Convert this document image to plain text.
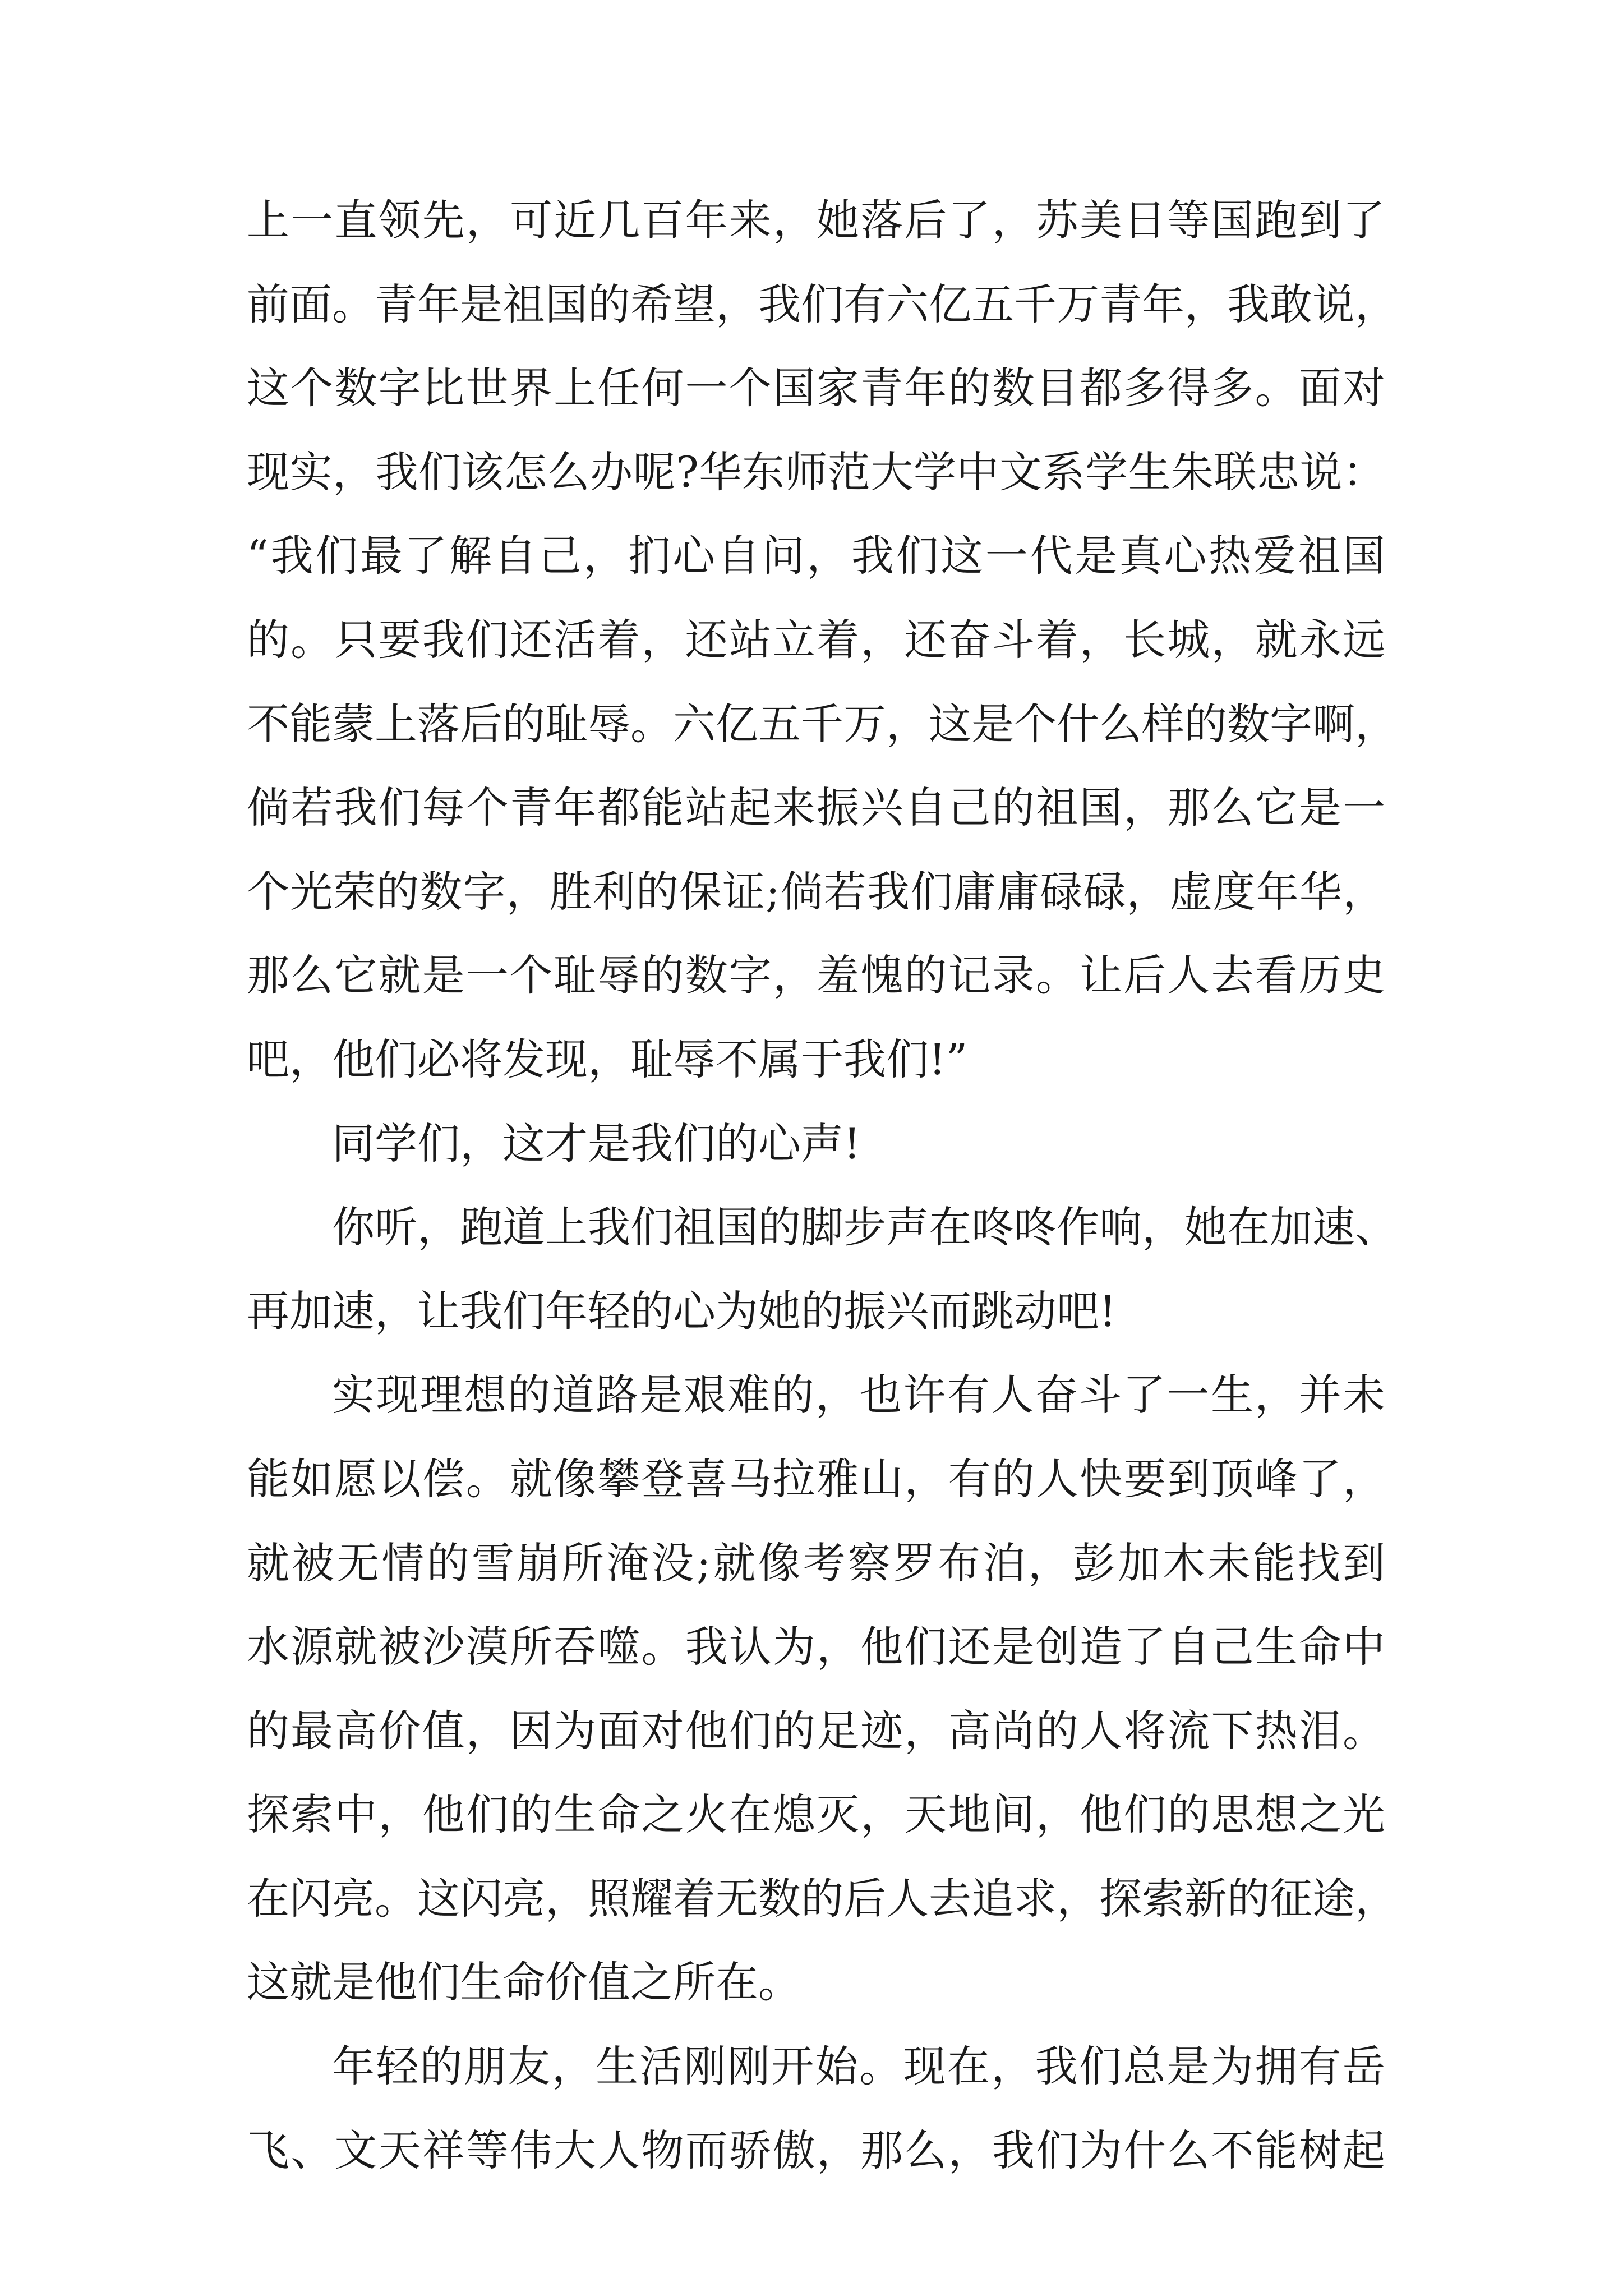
上一直领先，可近几百年来，她落后了，苏美日等国跑到了
前面。青年是祖国的希望，我们有六亿五千万青年，我敢说，
这个数字比世界上任何一个国家青年的数目都多得多。面对
现实，我们该怎么办呢?华东师范大学中文系学生朱联忠说：
“我们最了解自己，扪心自问，我们这一代是真心热爱祖国
的。只要我们还活着，还站立着，还奋斗着，长城，就永远
不能蒙上落后的耻辱。六亿五千万，这是个什么样的数字啊，
倘若我们每个青年都能站起来振兴自己的祖国，那么它是一
个光荣的数字，胜利的保证;倘若我们庸庸碌碌，虚度年华，
那么它就是一个耻辱的数字，羞愧的记录。让后人去看历史
吧，他们必将发现，耻辱不属于我们!”
同学们，这才是我们的心声!
你听，跑道上我们祖国的脚步声在咚咚作响，她在加速、
再加速，让我们年轻的心为她的振兴而跳动吧!
实现理想的道路是艰难的，也许有人奋斗了一生，并未
能如愿以偿。就像攀登喜马拉雅山，有的人快要到顶峰了，
就被无情的雪崩所淹没;就像考察罗布泊，彭加木未能找到
水源就被沙漠所吞噬。我认为，他们还是创造了自己生命中
的最高价值，因为面对他们的足迹，高尚的人将流下热泪。
探索中，他们的生命之火在熄灭，天地间，他们的思想之光
在闪亮。这闪亮，照耀着无数的后人去追求，探索新的征途，
这就是他们生命价值之所在。
年轻的朋友，生活刚刚开始。现在，我们总是为拥有岳
飞、文天祥等伟大人物而骄傲，那么，我们为什么不能树起
